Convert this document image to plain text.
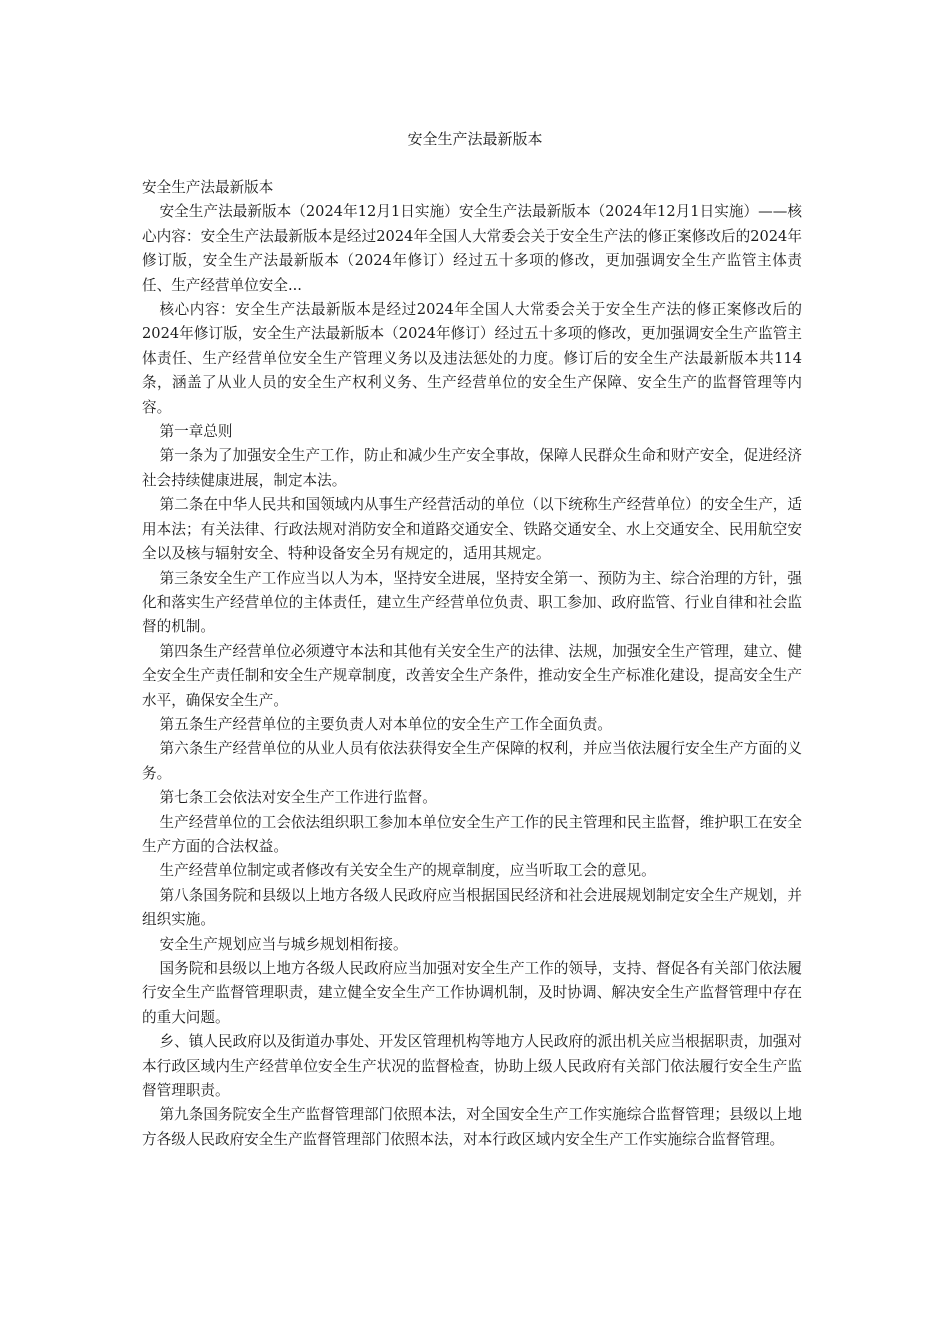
安全生产法最新版本

安全生产法最新版本

安全生产法最新版本（2024年12月1日实施）安全生产法最新版本（2024年12月1日实施）——核心内容：安全生产法最新版本是经过2024年全国人大常委会关于安全生产法的修正案修改后的2024年修订版，安全生产法最新版本（2024年修订）经过五十多项的修改，更加强调安全生产监管主体责任、生产经营单位安全...

核心内容：安全生产法最新版本是经过2024年全国人大常委会关于安全生产法的修正案修改后的2024年修订版，安全生产法最新版本（2024年修订）经过五十多项的修改，更加强调安全生产监管主体责任、生产经营单位安全生产管理义务以及违法惩处的力度。修订后的安全生产法最新版本共114条，涵盖了从业人员的安全生产权利义务、生产经营单位的安全生产保障、安全生产的监督管理等内容。

第一章总则

第一条为了加强安全生产工作，防止和减少生产安全事故，保障人民群众生命和财产安全，促进经济社会持续健康进展，制定本法。

第二条在中华人民共和国领域内从事生产经营活动的单位（以下统称生产经营单位）的安全生产，适用本法；有关法律、行政法规对消防安全和道路交通安全、铁路交通安全、水上交通安全、民用航空安全以及核与辐射安全、特种设备安全另有规定的，适用其规定。

第三条安全生产工作应当以人为本，坚持安全进展，坚持安全第一、预防为主、综合治理的方针，强化和落实生产经营单位的主体责任，建立生产经营单位负责、职工参加、政府监管、行业自律和社会监督的机制。

第四条生产经营单位必须遵守本法和其他有关安全生产的法律、法规，加强安全生产管理，建立、健全安全生产责任制和安全生产规章制度，改善安全生产条件，推动安全生产标准化建设，提高安全生产水平，确保安全生产。

第五条生产经营单位的主要负责人对本单位的安全生产工作全面负责。

第六条生产经营单位的从业人员有依法获得安全生产保障的权利，并应当依法履行安全生产方面的义务。

第七条工会依法对安全生产工作进行监督。

生产经营单位的工会依法组织职工参加本单位安全生产工作的民主管理和民主监督，维护职工在安全生产方面的合法权益。

生产经营单位制定或者修改有关安全生产的规章制度，应当听取工会的意见。

第八条国务院和县级以上地方各级人民政府应当根据国民经济和社会进展规划制定安全生产规划，并组织实施。

安全生产规划应当与城乡规划相衔接。

国务院和县级以上地方各级人民政府应当加强对安全生产工作的领导，支持、督促各有关部门依法履行安全生产监督管理职责，建立健全安全生产工作协调机制，及时协调、解决安全生产监督管理中存在的重大问题。

乡、镇人民政府以及街道办事处、开发区管理机构等地方人民政府的派出机关应当根据职责，加强对本行政区域内生产经营单位安全生产状况的监督检查，协助上级人民政府有关部门依法履行安全生产监督管理职责。

第九条国务院安全生产监督管理部门依照本法，对全国安全生产工作实施综合监督管理；县级以上地方各级人民政府安全生产监督管理部门依照本法，对本行政区域内安全生产工作实施综合监督管理。
